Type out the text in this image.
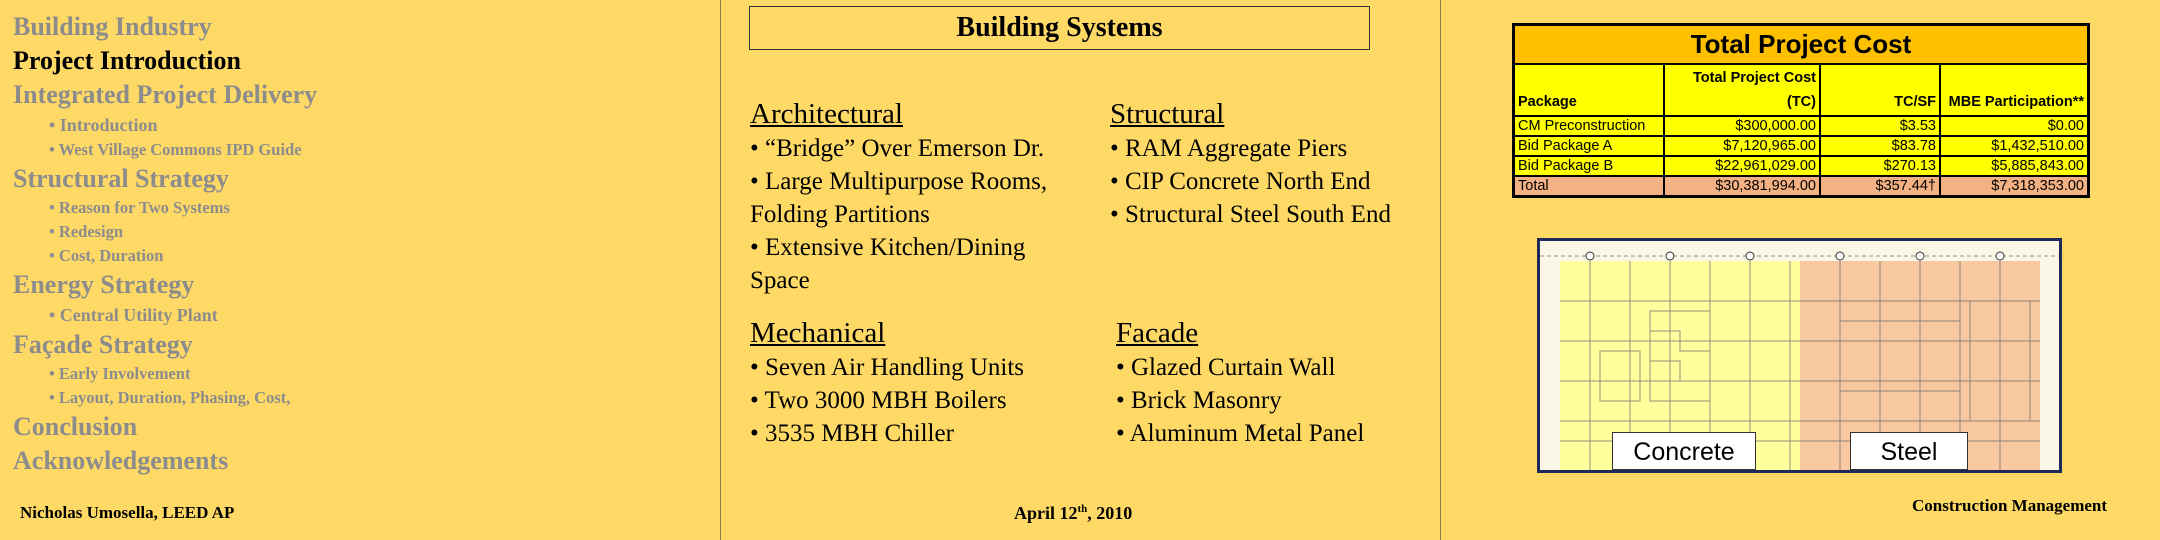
Building Industry
Project Introduction
Integrated Project Delivery
• Introduction
• West Village Commons IPD Guide
Structural Strategy
• Reason for Two Systems
• Redesign
• Cost, Duration
Energy Strategy
• Central Utility Plant
Façade Strategy
• Early Involvement
• Layout, Duration, Phasing, Cost,
Conclusion
Acknowledgements
Nicholas Umosella, LEED AP
Building Systems
Architectural
• “Bridge” Over Emerson Dr.
• Large Multipurpose Rooms, Folding Partitions
• Extensive Kitchen/Dining Space
Structural
• RAM Aggregate Piers
• CIP Concrete North End
• Structural Steel South End
Mechanical
• Seven Air Handling Units
• Two 3000 MBH Boilers
• 3535 MBH Chiller
Facade
• Glazed Curtain Wall
• Brick Masonry
• Aluminum Metal Panel
April 12th, 2010
Total Project Cost			
Package	Total Project Cost (TC)	TC/SF	MBE Participation**
CM Preconstruction	$300,000.00	$3.53	$0.00
Bid Package A	$7,120,965.00	$83.78	$1,432,510.00
Bid Package B	$22,961,029.00	$270.13	$5,885,843.00
Total	$30,381,994.00	$357.44†	$7,318,353.00
Concrete	Steel
Construction Management
